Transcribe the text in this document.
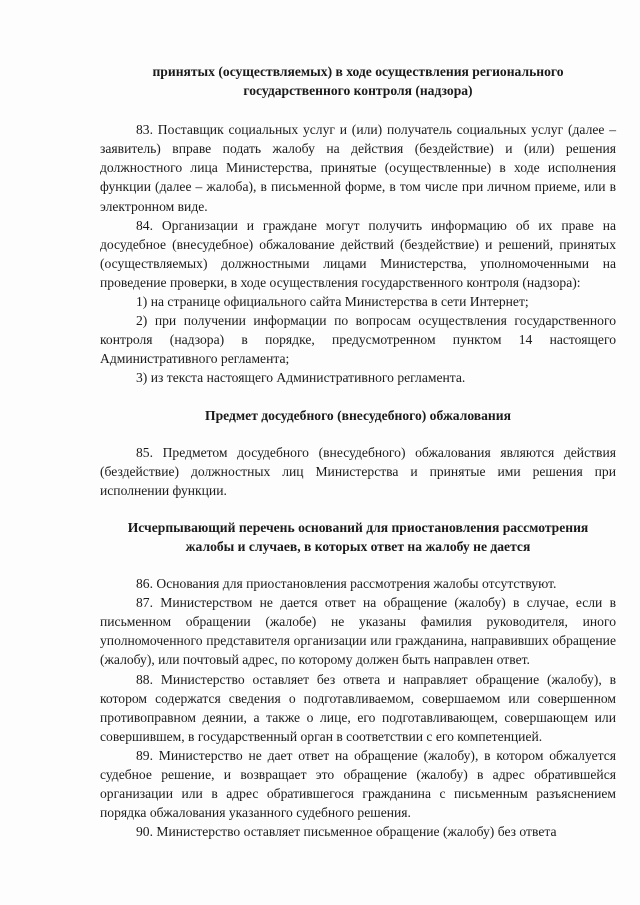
принятых (осуществляемых) в ходе осуществления регионального
государственного контроля (надзора)

83. Поставщик социальных услуг и (или) получатель социальных услуг (далее – заявитель) вправе подать жалобу на действия (бездействие) и (или) решения должностного лица Министерства, принятые (осуществленные) в ходе исполнения функции (далее – жалоба), в письменной форме, в том числе при личном приеме, или в электронном виде.

84. Организации и граждане могут получить информацию об их праве на досудебное (внесудебное) обжалование действий (бездействие) и решений, принятых (осуществляемых) должностными лицами Министерства, уполномоченными на проведение проверки, в ходе осуществления государственного контроля (надзора):

1) на странице официального сайта Министерства в сети Интернет;

2) при получении информации по вопросам осуществления государственного контроля (надзора) в порядке, предусмотренном пунктом 14 настоящего Административного регламента;

3) из текста настоящего Административного регламента.

Предмет досудебного (внесудебного) обжалования

85. Предметом досудебного (внесудебного) обжалования являются действия (бездействие) должностных лиц Министерства и принятые ими решения при исполнении функции.

Исчерпывающий перечень оснований для приостановления рассмотрения
жалобы и случаев, в которых ответ на жалобу не дается

86. Основания для приостановления рассмотрения жалобы отсутствуют.

87. Министерством не дается ответ на обращение (жалобу) в случае, если в письменном обращении (жалобе) не указаны фамилия руководителя, иного уполномоченного представителя организации или гражданина, направивших обращение (жалобу), или почтовый адрес, по которому должен быть направлен ответ.

88. Министерство оставляет без ответа и направляет обращение (жалобу), в котором содержатся сведения о подготавливаемом, совершаемом или совершенном противоправном деянии, а также о лице, его подготавливающем, совершающем или совершившем, в государственный орган в соответствии с его компетенцией.

89. Министерство не дает ответ на обращение (жалобу), в котором обжалуется судебное решение, и возвращает это обращение (жалобу) в адрес обратившейся организации или в адрес обратившегося гражданина с письменным разъяснением порядка обжалования указанного судебного решения.

90. Министерство оставляет письменное обращение (жалобу) без ответа
